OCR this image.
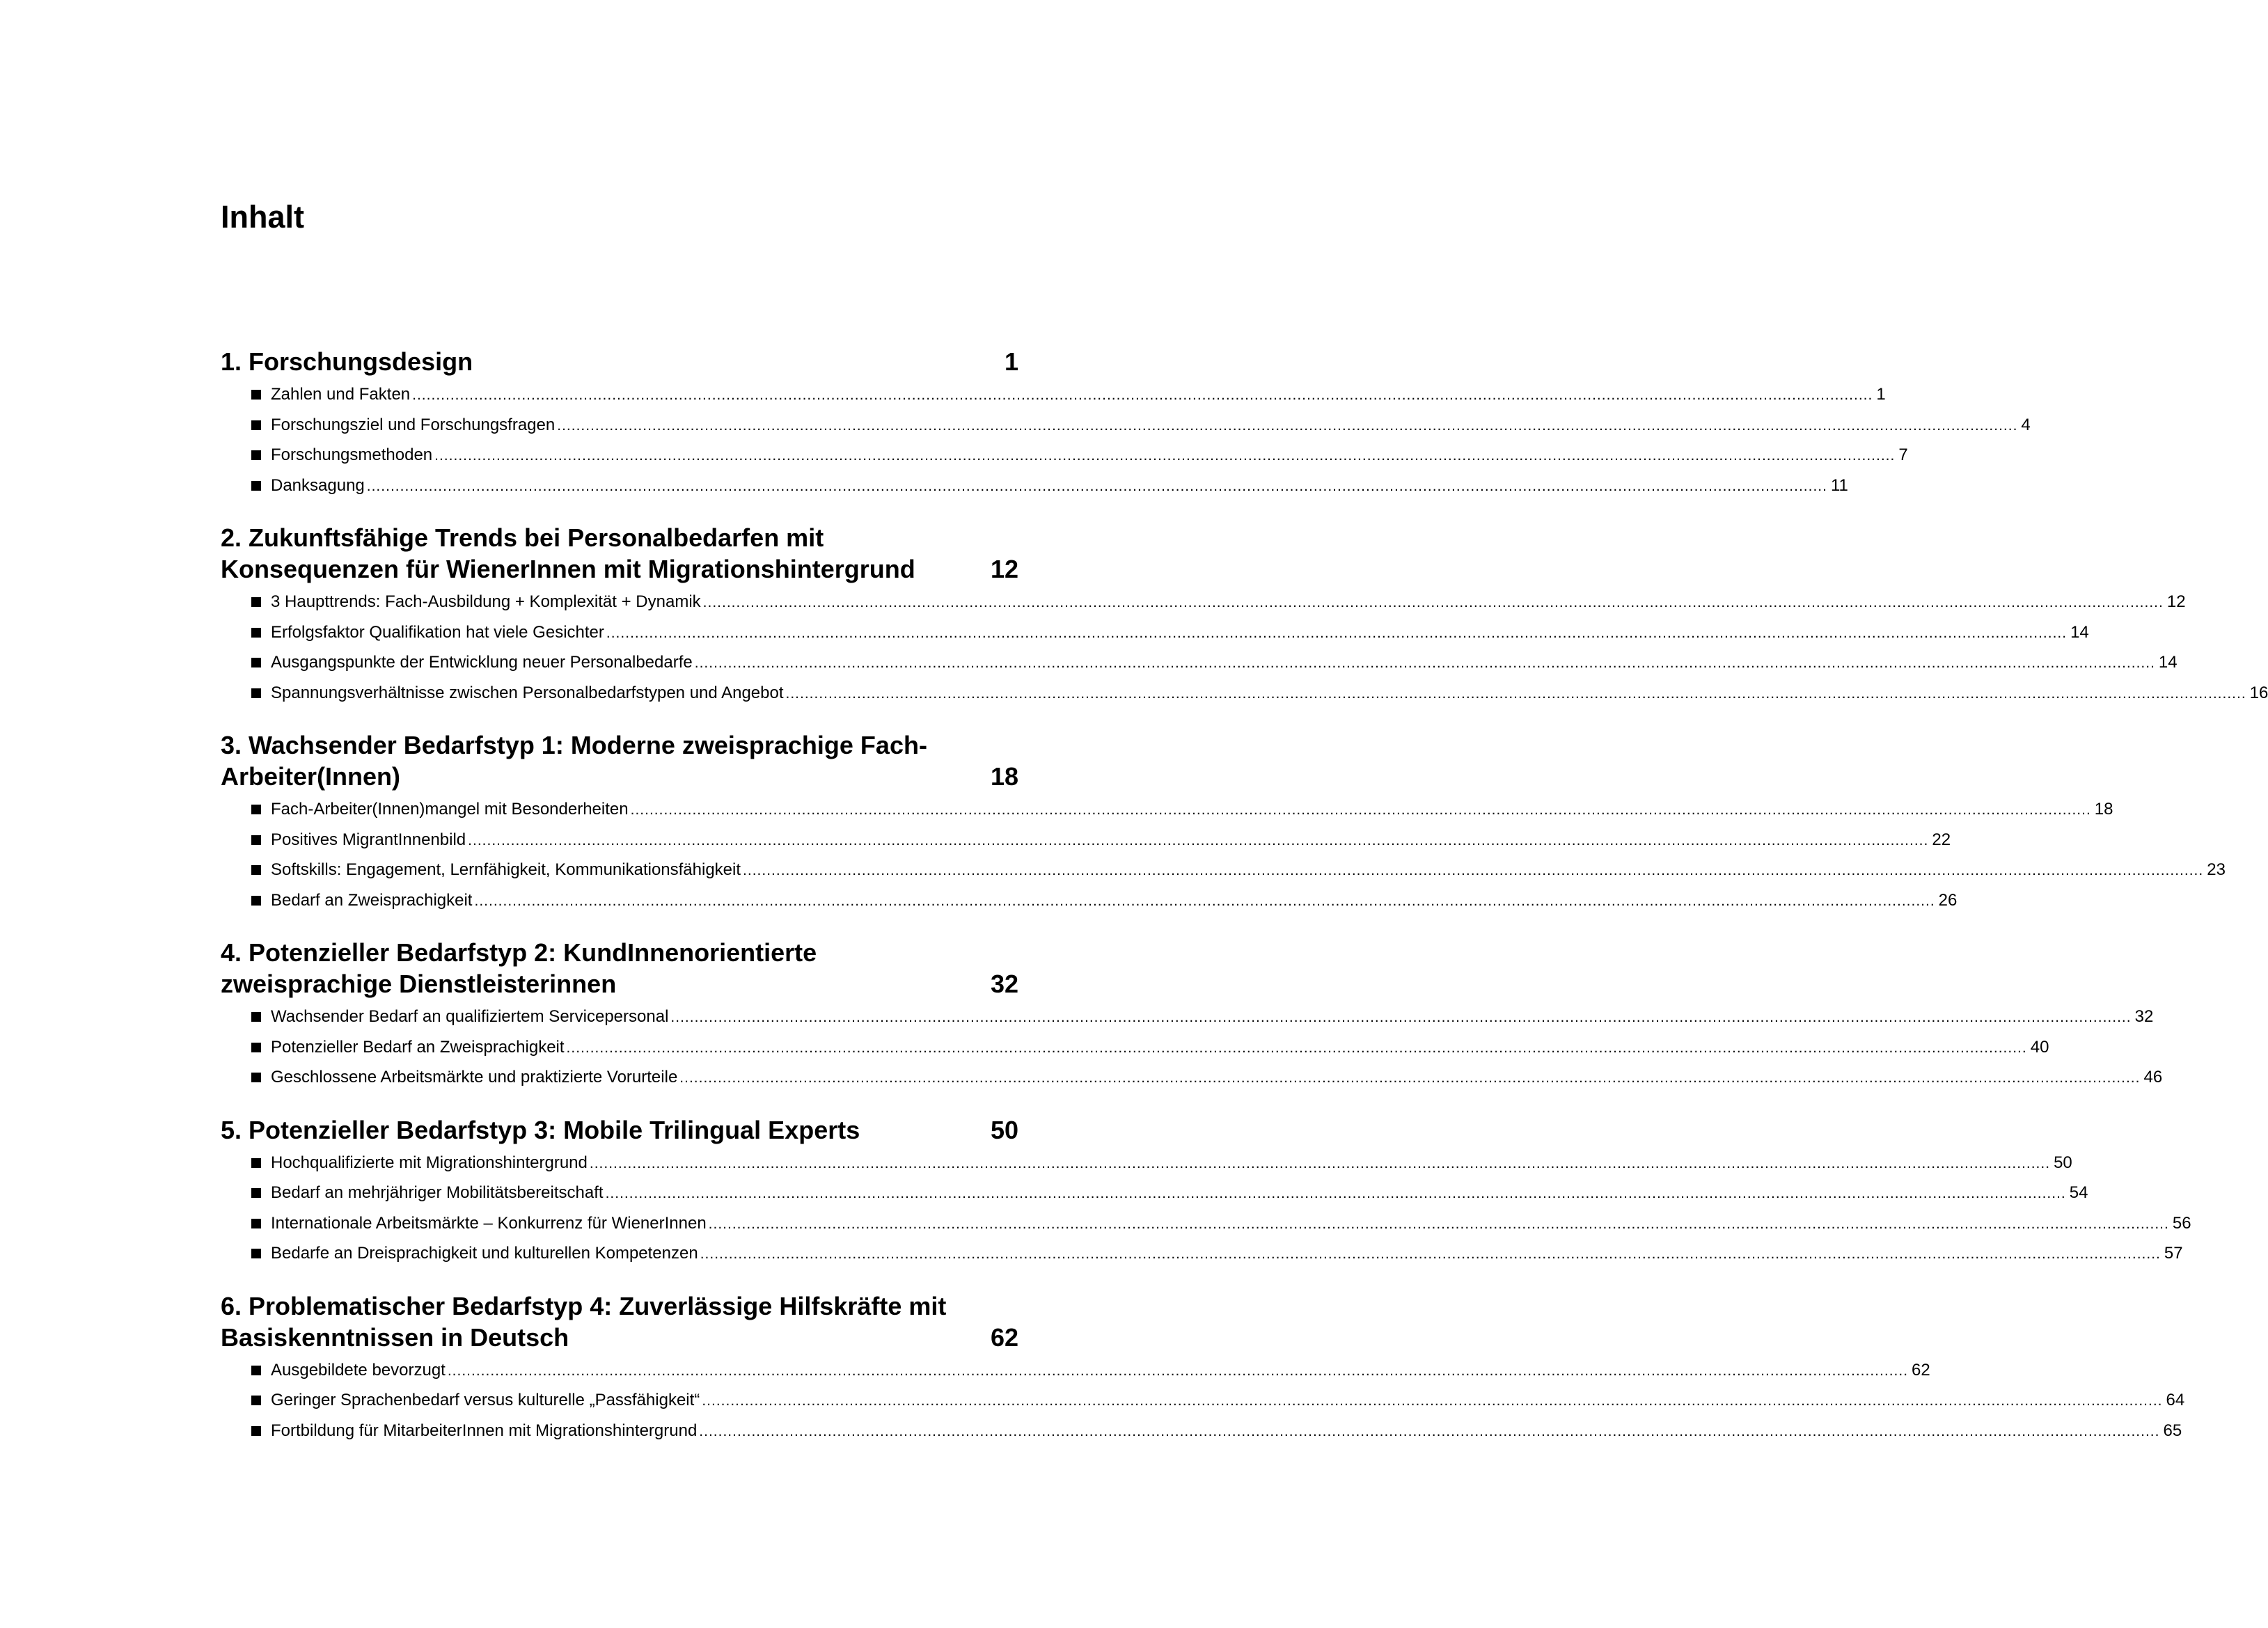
Inhalt
1. Forschungsdesign	1
Zahlen und Fakten ................................................................................................................................................................................................................................................................................................................... 1
Forschungsziel und Forschungsfragen ................................................................................................................................................................................................................................................................................................................... 4
Forschungsmethoden ................................................................................................................................................................................................................................................................................................................... 7
Danksagung ................................................................................................................................................................................................................................................................................................................... 11
2. Zukunftsfähige Trends bei Personalbedarfen mit Konsequenzen für WienerInnen mit Migrationshintergrund	12
3 Haupttrends: Fach-Ausbildung + Komplexität + Dynamik ................................................................................................................................................................................................................................................................................................................... 12
Erfolgsfaktor Qualifikation hat viele Gesichter ................................................................................................................................................................................................................................................................................................................... 14
Ausgangspunkte der Entwicklung neuer Personalbedarfe ................................................................................................................................................................................................................................................................................................................... 14
Spannungsverhältnisse zwischen Personalbedarfstypen und Angebot ................................................................................................................................................................................................................................................................................................................... 16
3. Wachsender Bedarfstyp 1: Moderne zweisprachige Fach-Arbeiter(Innen)	18
Fach-Arbeiter(Innen)mangel mit Besonderheiten ................................................................................................................................................................................................................................................................................................................... 18
Positives MigrantInnenbild ................................................................................................................................................................................................................................................................................................................... 22
Softskills: Engagement, Lernfähigkeit, Kommunikationsfähigkeit ................................................................................................................................................................................................................................................................................................................... 23
Bedarf an Zweisprachigkeit ................................................................................................................................................................................................................................................................................................................... 26
4. Potenzieller Bedarfstyp 2: KundInnenorientierte zweisprachige Dienstleisterinnen	32
Wachsender Bedarf an qualifiziertem Servicepersonal ................................................................................................................................................................................................................................................................................................................... 32
Potenzieller Bedarf an Zweisprachigkeit ................................................................................................................................................................................................................................................................................................................... 40
Geschlossene Arbeitsmärkte und praktizierte Vorurteile ................................................................................................................................................................................................................................................................................................................... 46
5. Potenzieller Bedarfstyp 3: Mobile Trilingual Experts	50
Hochqualifizierte mit Migrationshintergrund ................................................................................................................................................................................................................................................................................................................... 50
Bedarf an mehrjähriger Mobilitätsbereitschaft ................................................................................................................................................................................................................................................................................................................... 54
Internationale Arbeitsmärkte – Konkurrenz für WienerInnen ................................................................................................................................................................................................................................................................................................................... 56
Bedarfe an Dreisprachigkeit und kulturellen Kompetenzen ................................................................................................................................................................................................................................................................................................................... 57
6. Problematischer Bedarfstyp 4: Zuverlässige Hilfskräfte mit Basiskenntnissen in Deutsch	62
Ausgebildete bevorzugt ................................................................................................................................................................................................................................................................................................................... 62
Geringer Sprachenbedarf versus kulturelle „Passfähigkeit“ ................................................................................................................................................................................................................................................................................................................... 64
Fortbildung für MitarbeiterInnen mit Migrationshintergrund ................................................................................................................................................................................................................................................................................................................... 65
